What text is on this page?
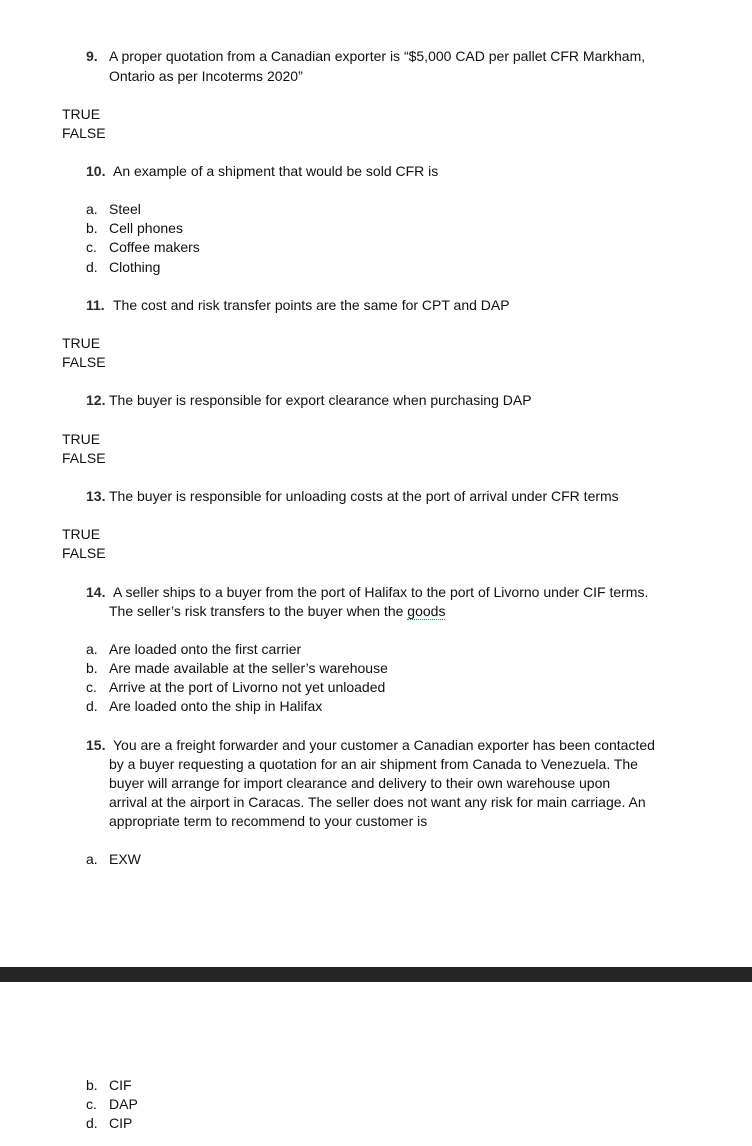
9. A proper quotation from a Canadian exporter is “$5,000 CAD per pallet CFR Markham,
Ontario as per Incoterms 2020”
TRUE
FALSE
10. An example of a shipment that would be sold CFR is
a. Steel
b. Cell phones
c. Coffee makers
d. Clothing
11. The cost and risk transfer points are the same for CPT and DAP
TRUE
FALSE
12. The buyer is responsible for export clearance when purchasing DAP
TRUE
FALSE
13. The buyer is responsible for unloading costs at the port of arrival under CFR terms
TRUE
FALSE
14. A seller ships to a buyer from the port of Halifax to the port of Livorno under CIF terms.
The seller’s risk transfers to the buyer when the goods
a. Are loaded onto the first carrier
b. Are made available at the seller’s warehouse
c. Arrive at the port of Livorno not yet unloaded
d. Are loaded onto the ship in Halifax
15. You are a freight forwarder and your customer a Canadian exporter has been contacted
by a buyer requesting a quotation for an air shipment from Canada to Venezuela. The
buyer will arrange for import clearance and delivery to their own warehouse upon
arrival at the airport in Caracas. The seller does not want any risk for main carriage. An
appropriate term to recommend to your customer is
a. EXW
b. CIF
c. DAP
d. CIP
